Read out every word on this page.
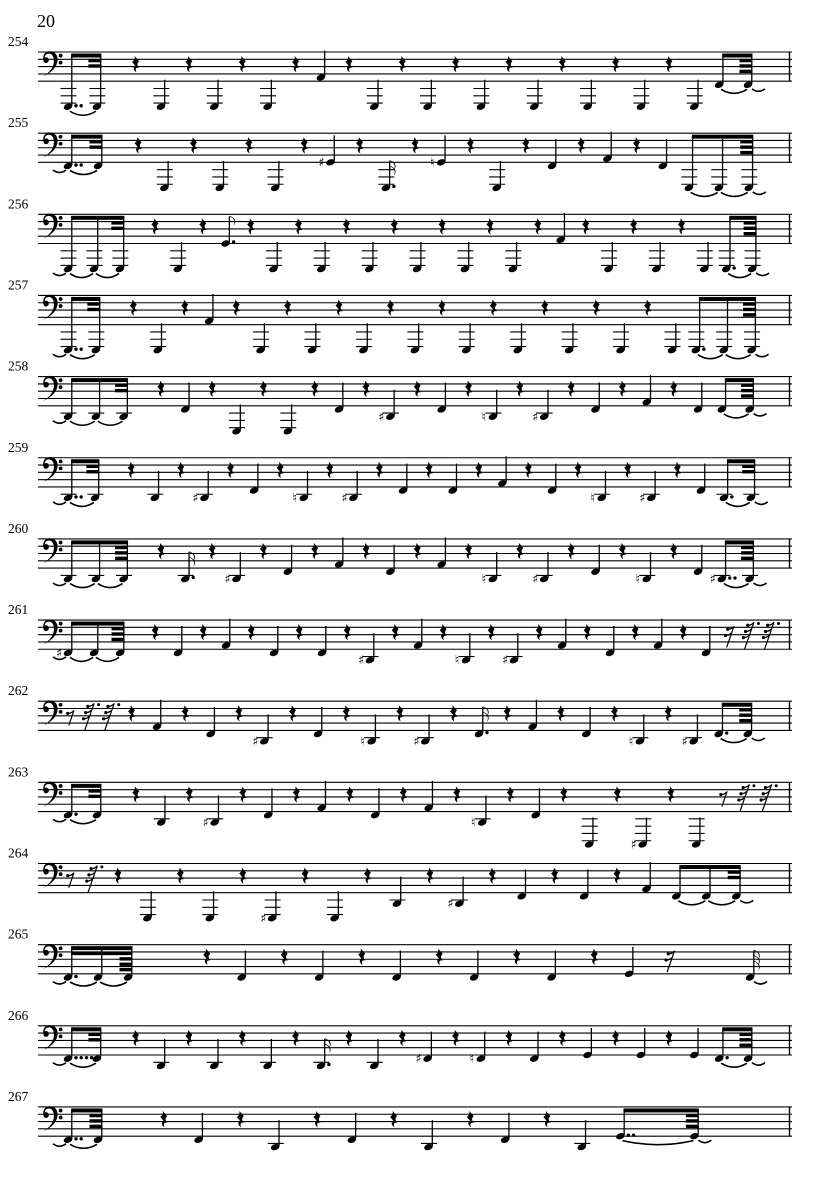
20
254
255
♯	♮
256
257
258
♯	♮	♯
259
♯	♮	♯	♮	♯
260
♯	♮	♯	♮	♯
261
♯	♯	♮	♯
262
♯	♮	♯	♮	♯
263
♯	♮
♯
264
♯
♯
265
266
♯	♮
267
